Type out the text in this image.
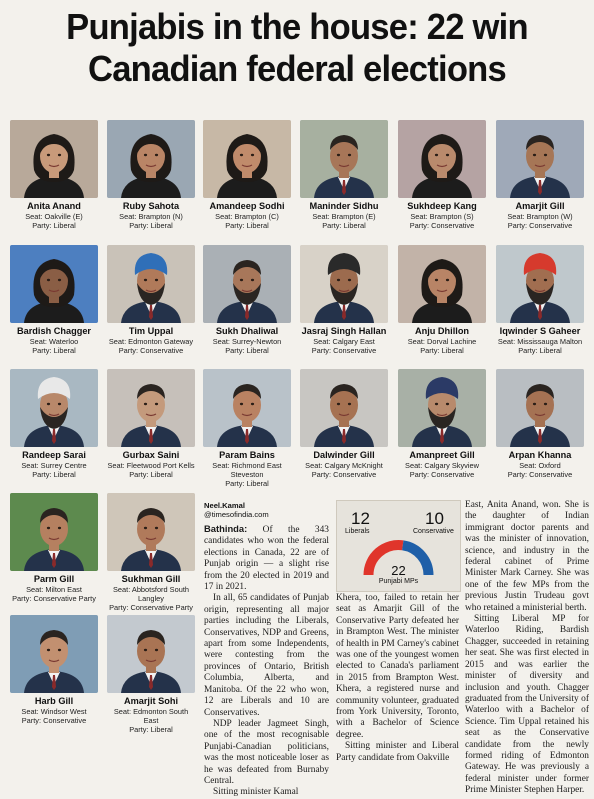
Punjabis in the house: 22 win
Canadian federal elections
Anita Anand
Seat: Oakville (E)
Party: Liberal
Ruby Sahota
Seat: Brampton (N)
Party: Liberal
Amandeep Sodhi
Seat: Brampton (C)
Party: Liberal
Maninder Sidhu
Seat: Brampton (E)
Party: Liberal
Sukhdeep Kang
Seat: Brampton (S)
Party: Conservative
Amarjit Gill
Seat: Brampton (W)
Party: Conservative
Bardish Chagger
Seat: Waterloo
Party: Liberal
Tim Uppal
Seat: Edmonton Gateway
Party: Conservative
Sukh Dhaliwal
Seat: Surrey-Newton
Party: Liberal
Jasraj Singh Hallan
Seat: Calgary East
Party: Conservative
Anju Dhillon
Seat: Dorval Lachine
Party: Liberal
Iqwinder S Gaheer
Seat: Mississauga Malton
Party: Liberal
Randeep Sarai
Seat: Surrey Centre
Party: Liberal
Gurbax Saini
Seat: Fleetwood Port Kells
Party: Liberal
Param Bains
Seat: Richmond East Steveston
Party: Liberal
Dalwinder Gill
Seat: Calgary McKnight
Party: Conservative
Amanpreet Gill
Seat: Calgary Skyview
Party: Conservative
Arpan Khanna
Seat: Oxford
Party: Conservative
Parm Gill
Seat: Milton East
Party: Conservative Party
Sukhman Gill
Seat: Abbotsford South Langley
Party: Conservative Party
Harb Gill
Seat: Windsor West
Party: Conservative
Amarjit Sohi
Seat: Edmonton South East
Party: Liberal
Neel.Kamal
@timesofindia.com

Bathinda: Of the 343 candidates who won the federal elections in Canada, 22 are of Punjab origin — a slight rise from the 20 elected in 2019 and 17 in 2021.

In all, 65 candidates of Punjab origin, representing all major parties including the Liberals, Conservatives, NDP and Greens, apart from some Independents, were contesting from the provinces of Ontario, British Columbia, Alberta, and Manitoba. Of the 22 who won, 12 are Liberals and 10 are Conservatives.

NDP leader Jagmeet Singh, one of the most recognisable Punjabi-Canadian politicians, was the most noticeable loser as he was defeated from Burnaby Central.

Sitting minister Kamal

12
Liberals
10
Conservative
22
Punjabi MPs

Khera, too, failed to retain her seat as Amarjit Gill of the Conservative Party defeated her in Brampton West. The minister of health in PM Carney's cabinet was one of the youngest women elected to Canada's parliament in 2015 from Brampton West. Khera, a registered nurse and community volunteer, graduated from York University, Toronto, with a Bachelor of Science degree.

Sitting minister and Liberal Party candidate from Oakville

East, Anita Anand, won. She is the daughter of Indian immigrant doctor parents and was the minister of innovation, science, and industry in the federal cabinet of Prime Minister Mark Carney. She was one of the few MPs from the previous Justin Trudeau govt who retained a ministerial berth.

Sitting Liberal MP for Waterloo Riding, Bardish Chagger, succeeded in retaining her seat. She was first elected in 2015 and was earlier the minister of diversity and inclusion and youth. Chagger graduated from the University of Waterloo with a Bachelor of Science. Tim Uppal retained his seat as the Conservative candidate from the newly formed riding of Edmonton Gateway. He was previously a federal minister under former Prime Minister Stephen Harper.
